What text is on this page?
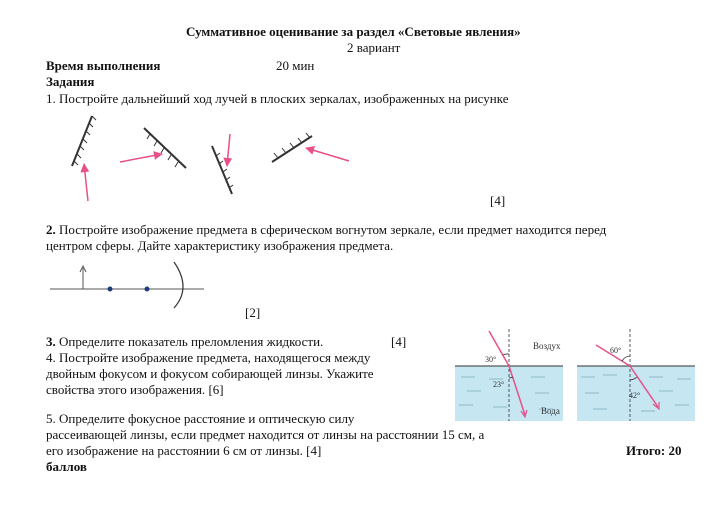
Суммативное оценивание за раздел «Световые явления»
2 вариант
Время выполнения	20 мин
Задания
1. Постройте дальнейший ход лучей в плоских зеркалах, изображенных на рисунке
[4]
2. Постройте изображение предмета в сферическом вогнутом зеркале, если предмет находится перед
центром сферы. Дайте характеристику изображения предмета.
[2]
3. Определите показатель преломления жидкости.	[4]
4. Постройте изображение предмета, находящегося между
двойным фокусом и фокусом собирающей линзы. Укажите
свойства этого изображения. [6]
Воздух
Вода
30°
23°
60°
42°
5. Определите фокусное расстояние и оптическую силу
рассеивающей линзы, если предмет находится от линзы на расстоянии 15 см, а
его изображение на расстоянии 6 см от линзы. [4]	Итого: 20
баллов
